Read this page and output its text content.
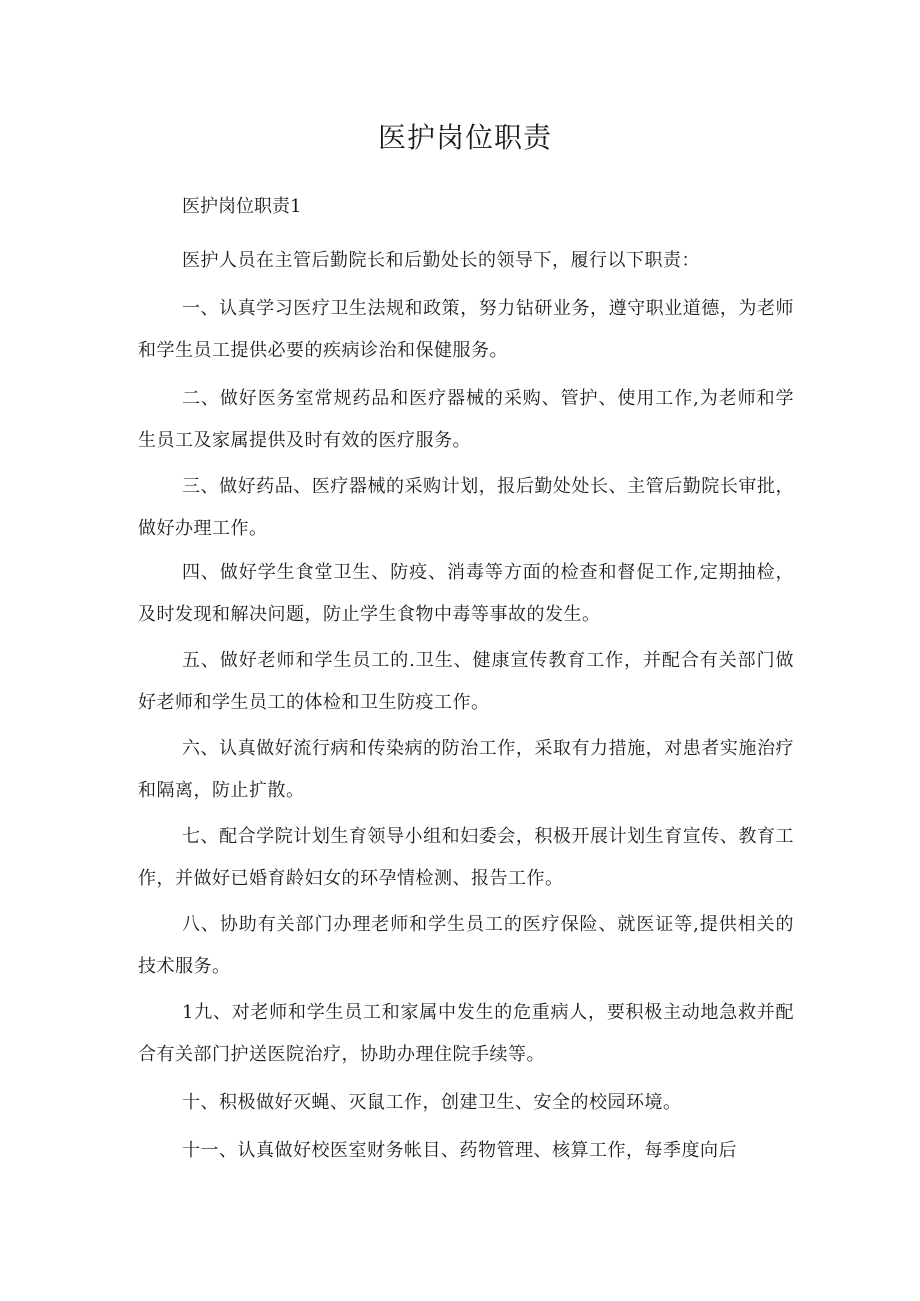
医护岗位职责

医护岗位职责1

医护人员在主管后勤院长和后勤处长的领导下，履行以下职责：

一、认真学习医疗卫生法规和政策，努力钻研业务，遵守职业道德，为老师和学生员工提供必要的疾病诊治和保健服务。

二、做好医务室常规药品和医疗器械的采购、管护、使用工作,为老师和学生员工及家属提供及时有效的医疗服务。

三、做好药品、医疗器械的采购计划，报后勤处处长、主管后勤院长审批，做好办理工作。

四、做好学生食堂卫生、防疫、消毒等方面的检查和督促工作,定期抽检，及时发现和解决问题，防止学生食物中毒等事故的发生。

五、做好老师和学生员工的.卫生、健康宣传教育工作，并配合有关部门做好老师和学生员工的体检和卫生防疫工作。

六、认真做好流行病和传染病的防治工作，采取有力措施，对患者实施治疗和隔离，防止扩散。

七、配合学院计划生育领导小组和妇委会，积极开展计划生育宣传、教育工作，并做好已婚育龄妇女的环孕情检测、报告工作。

八、协助有关部门办理老师和学生员工的医疗保险、就医证等,提供相关的技术服务。

1九、对老师和学生员工和家属中发生的危重病人，要积极主动地急救并配合有关部门护送医院治疗，协助办理住院手续等。

十、积极做好灭蝇、灭鼠工作，创建卫生、安全的校园环境。

十一、认真做好校医室财务帐目、药物管理、核算工作，每季度向后
